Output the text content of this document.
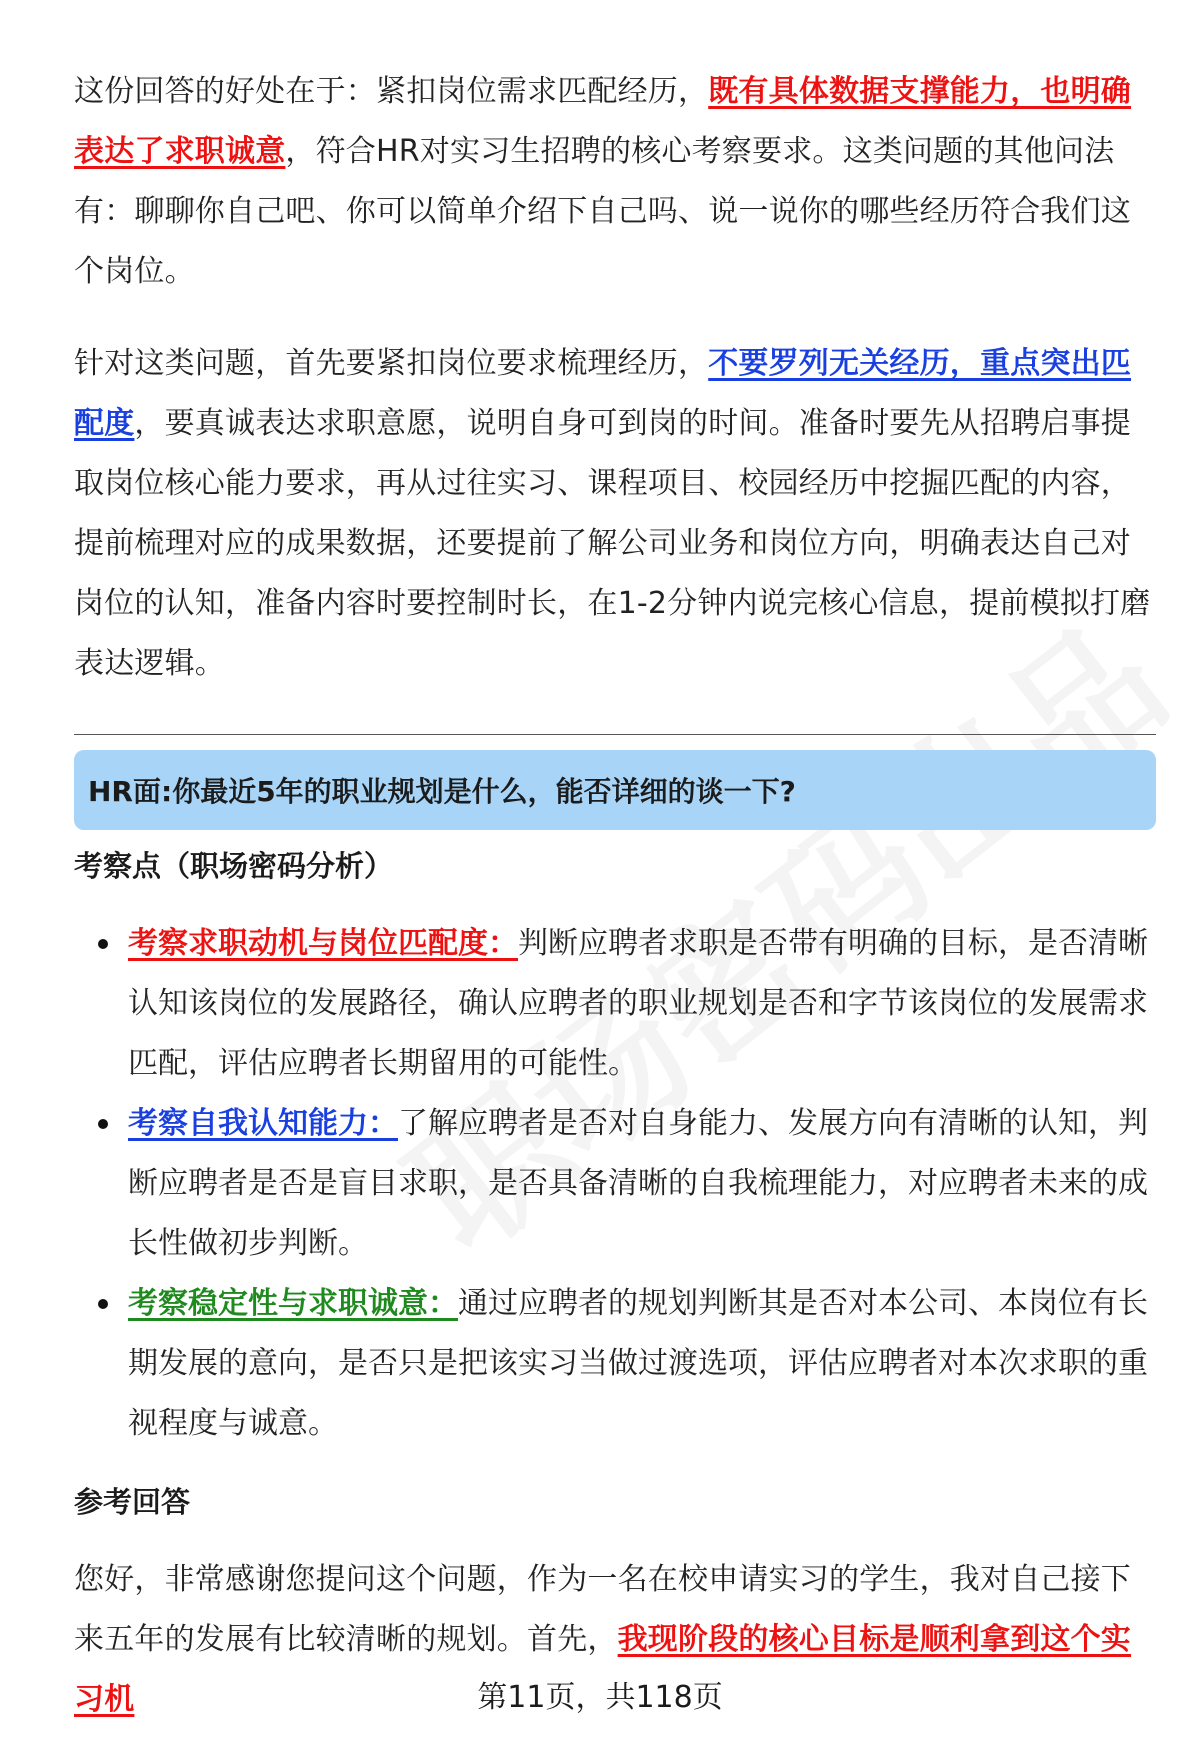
这份回答的好处在于：紧扣岗位需求匹配经历，既有具体数据支撑能力，也明确表达了求职诚意，符合HR对实习生招聘的核心考察要求。这类问题的其他问法有：聊聊你自己吧、你可以简单介绍下自己吗、说一说你的哪些经历符合我们这个岗位。

针对这类问题，首先要紧扣岗位要求梳理经历，不要罗列无关经历，重点突出匹配度，要真诚表达求职意愿，说明自身可到岗的时间。准备时要先从招聘启事提取岗位核心能力要求，再从过往实习、课程项目、校园经历中挖掘匹配的内容，提前梳理对应的成果数据，还要提前了解公司业务和岗位方向，明确表达自己对岗位的认知，准备内容时要控制时长，在1-2分钟内说完核心信息，提前模拟打磨表达逻辑。

HR面:你最近5年的职业规划是什么，能否详细的谈一下?
考察点（职场密码分析）
考察求职动机与岗位匹配度：判断应聘者求职是否带有明确的目标，是否清晰认知该岗位的发展路径，确认应聘者的职业规划是否和字节该岗位的发展需求匹配，评估应聘者长期留用的可能性。
考察自我认知能力：了解应聘者是否对自身能力、发展方向有清晰的认知，判断应聘者是否是盲目求职，是否具备清晰的自我梳理能力，对应聘者未来的成长性做初步判断。
考察稳定性与求职诚意：通过应聘者的规划判断其是否对本公司、本岗位有长期发展的意向，是否只是把该实习当做过渡选项，评估应聘者对本次求职的重视程度与诚意。
参考回答

您好，非常感谢您提问这个问题，作为一名在校申请实习的学生，我对自己接下来五年的发展有比较清晰的规划。首先，我现阶段的核心目标是顺利拿到这个实习机	第11页，共118页
